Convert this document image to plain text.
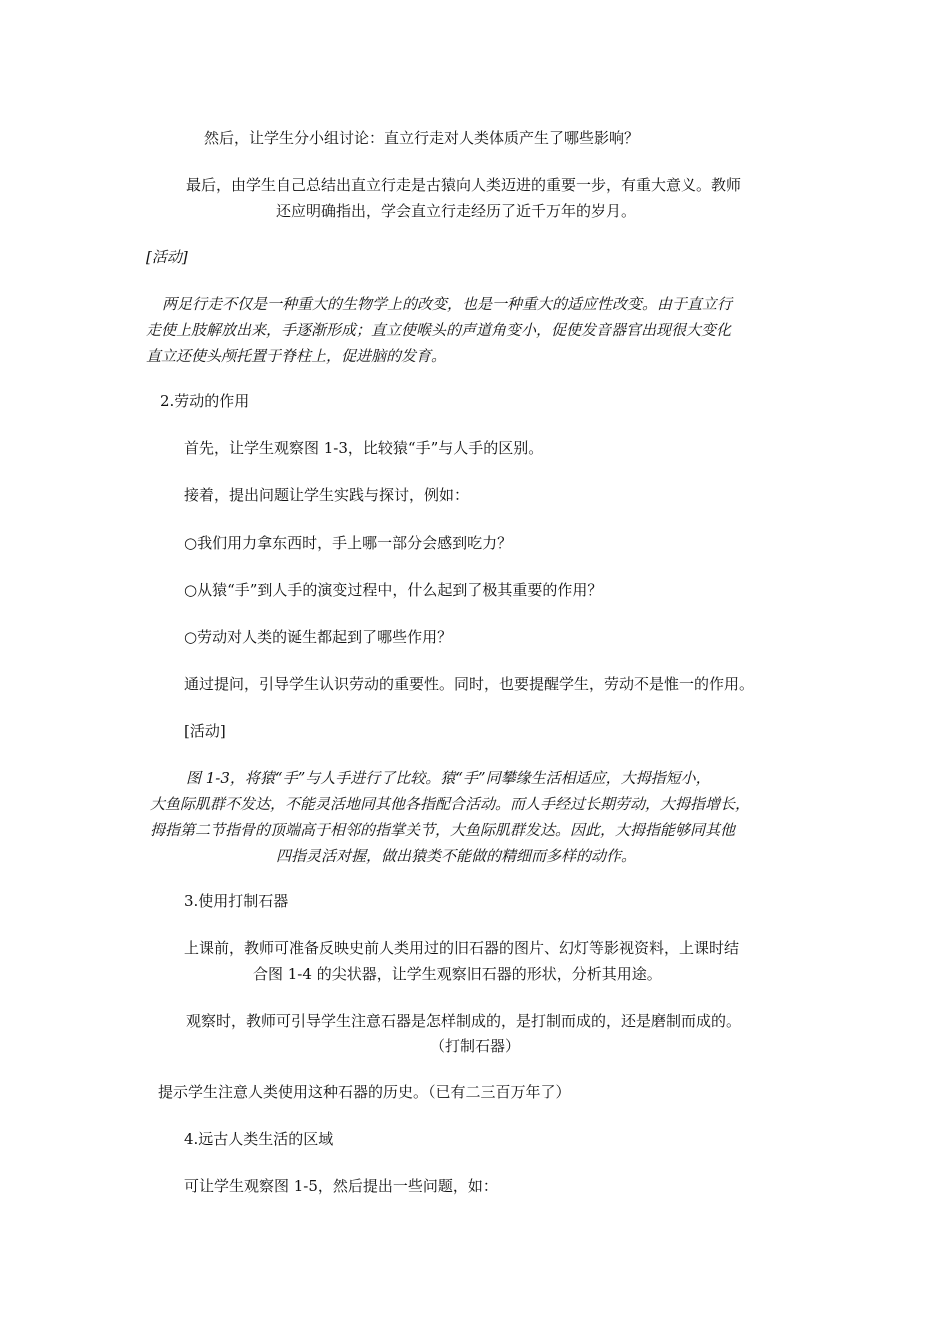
然后，让学生分小组讨论：直立行走对人类体质产生了哪些影响？
最后，由学生自己总结出直立行走是古猿向人类迈进的重要一步，有重大意义。教师
还应明确指出，学会直立行走经历了近千万年的岁月。
[活动]
两足行走不仅是一种重大的生物学上的改变，也是一种重大的适应性改变。由于直立行
走使上肢解放出来，手逐渐形成；直立使喉头的声道角变小，促使发音器官出现很大变化
直立还使头颅托置于脊柱上，促进脑的发育。
2.劳动的作用
首先，让学生观察图 1-3，比较猿“手”与人手的区别。
接着，提出问题让学生实践与探讨，例如：
○我们用力拿东西时，手上哪一部分会感到吃力？
○从猿“手”到人手的演变过程中，什么起到了极其重要的作用？
○劳动对人类的诞生都起到了哪些作用？
通过提问，引导学生认识劳动的重要性。同时，也要提醒学生，劳动不是惟一的作用。
[活动]
图 1-3，将猿“手”与人手进行了比较。猿“手”同攀缘生活相适应，大拇指短小，
大鱼际肌群不发达，不能灵活地同其他各指配合活动。而人手经过长期劳动，大拇指增长，
拇指第二节指骨的顶端高于相邻的指掌关节，大鱼际肌群发达。因此，大拇指能够同其他
四指灵活对握，做出猿类不能做的精细而多样的动作。
3.使用打制石器
上课前，教师可准备反映史前人类用过的旧石器的图片、幻灯等影视资料，上课时结
合图 1-4 的尖状器，让学生观察旧石器的形状，分析其用途。
观察时，教师可引导学生注意石器是怎样制成的，是打制而成的，还是磨制而成的。
（打制石器）
提示学生注意人类使用这种石器的历史。（已有二三百万年了）
4.远古人类生活的区域
可让学生观察图 1-5，然后提出一些问题，如：
